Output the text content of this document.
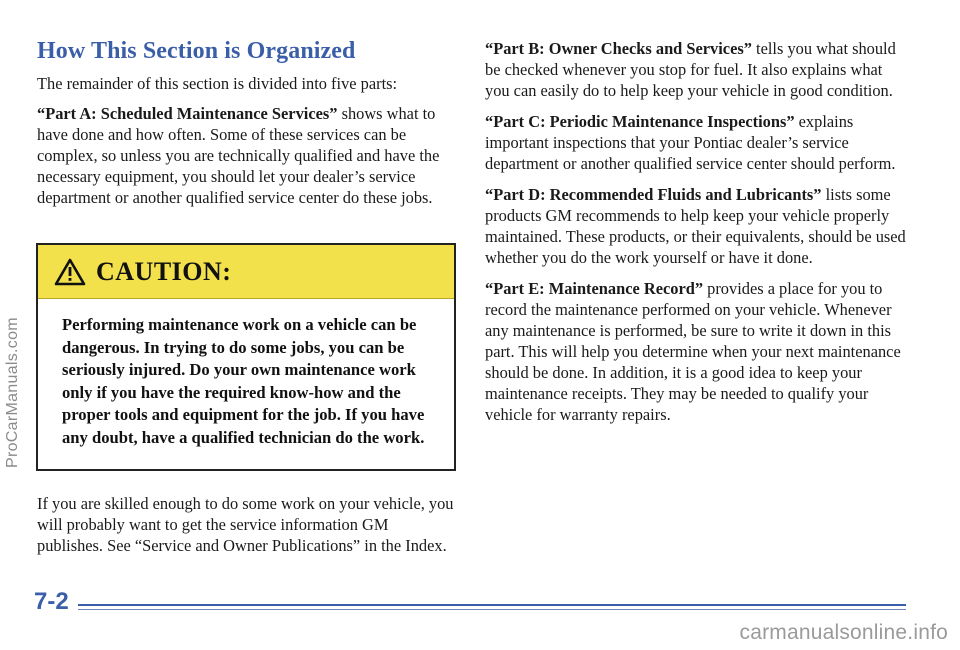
ProCarManuals.com
How This Section is Organized

The remainder of this section is divided into five parts:

“Part A: Scheduled Maintenance Services” shows what to have done and how often. Some of these services can be complex, so unless you are technically qualified and have the necessary equipment, you should let your dealer’s service department or another qualified service center do these jobs.

CAUTION:
Performing maintenance work on a vehicle can be dangerous. In trying to do some jobs, you can be seriously injured. Do your own maintenance work only if you have the required know-how and the proper tools and equipment for the job. If you have any doubt, have a qualified technician do the work.

If you are skilled enough to do some work on your vehicle, you will probably want to get the service information GM publishes. See “Service and Owner Publications” in the Index.

“Part B: Owner Checks and Services” tells you what should be checked whenever you stop for fuel. It also explains what you can easily do to help keep your vehicle in good condition.

“Part C: Periodic Maintenance Inspections” explains important inspections that your Pontiac dealer’s service department or another qualified service center should perform.

“Part D: Recommended Fluids and Lubricants” lists some products GM recommends to help keep your vehicle properly maintained. These products, or their equivalents, should be used whether you do the work yourself or have it done.

“Part E: Maintenance Record” provides a place for you to record the maintenance performed on your vehicle. Whenever any maintenance is performed, be sure to write it down in this part. This will help you determine when your next maintenance should be done. In addition, it is a good idea to keep your maintenance receipts. They may be needed to qualify your vehicle for warranty repairs.

7-2
carmanualsonline.info
